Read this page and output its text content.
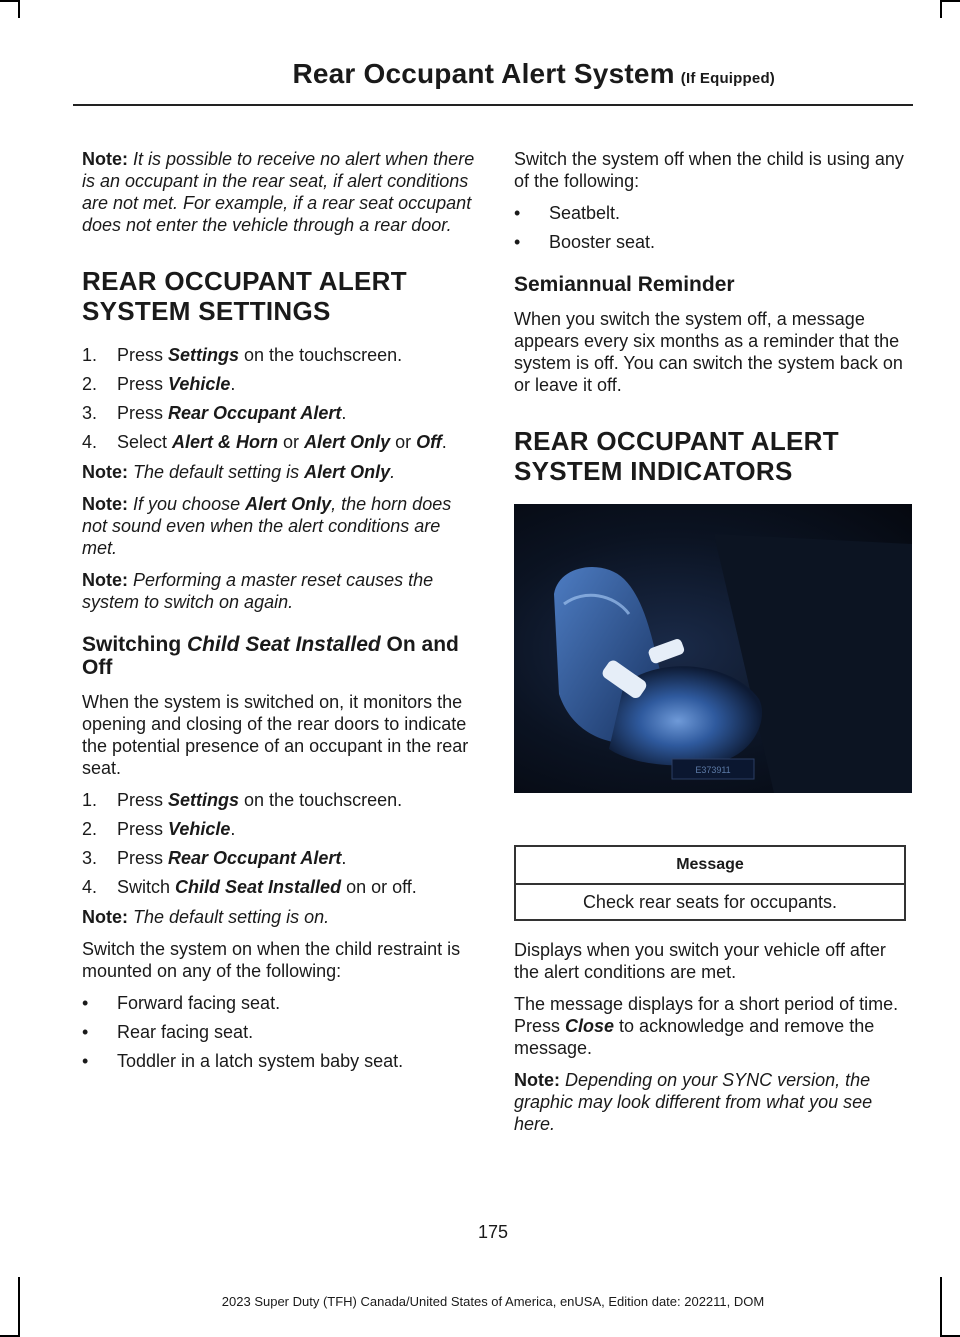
Rear Occupant Alert System (If Equipped)

Note: It is possible to receive no alert when there is an occupant in the rear seat, if alert conditions are not met. For example, if a rear seat occupant does not enter the vehicle through a rear door.

REAR OCCUPANT ALERT
SYSTEM SETTINGS
1. Press Settings on the touchscreen.
2. Press Vehicle.
3. Press Rear Occupant Alert.
4. Select Alert & Horn or Alert Only or Off.

Note: The default setting is Alert Only.

Note: If you choose Alert Only, the horn does not sound even when the alert conditions are met.

Note: Performing a master reset causes the system to switch on again.

Switching Child Seat Installed On and Off

When the system is switched on, it monitors the opening and closing of the rear doors to indicate the potential presence of an occupant in the rear seat.

1. Press Settings on the touchscreen.
2. Press Vehicle.
3. Press Rear Occupant Alert.
4. Switch Child Seat Installed on or off.

Note: The default setting is on.

Switch the system on when the child restraint is mounted on any of the following:

• Forward facing seat.
• Rear facing seat.
• Toddler in a latch system baby seat.

Switch the system off when the child is using any of the following:

• Seatbelt.
• Booster seat.
Semiannual Reminder

When you switch the system off, a message appears every six months as a reminder that the system is off. You can switch the system back on or leave it off.

REAR OCCUPANT ALERT
SYSTEM INDICATORS
E373911
Message
Check rear seats for occupants.

Displays when you switch your vehicle off after the alert conditions are met.

The message displays for a short period of time. Press Close to acknowledge and remove the message.

Note: Depending on your SYNC version, the graphic may look different from what you see here.

175
2023 Super Duty (TFH) Canada/United States of America, enUSA, Edition date: 202211, DOM
